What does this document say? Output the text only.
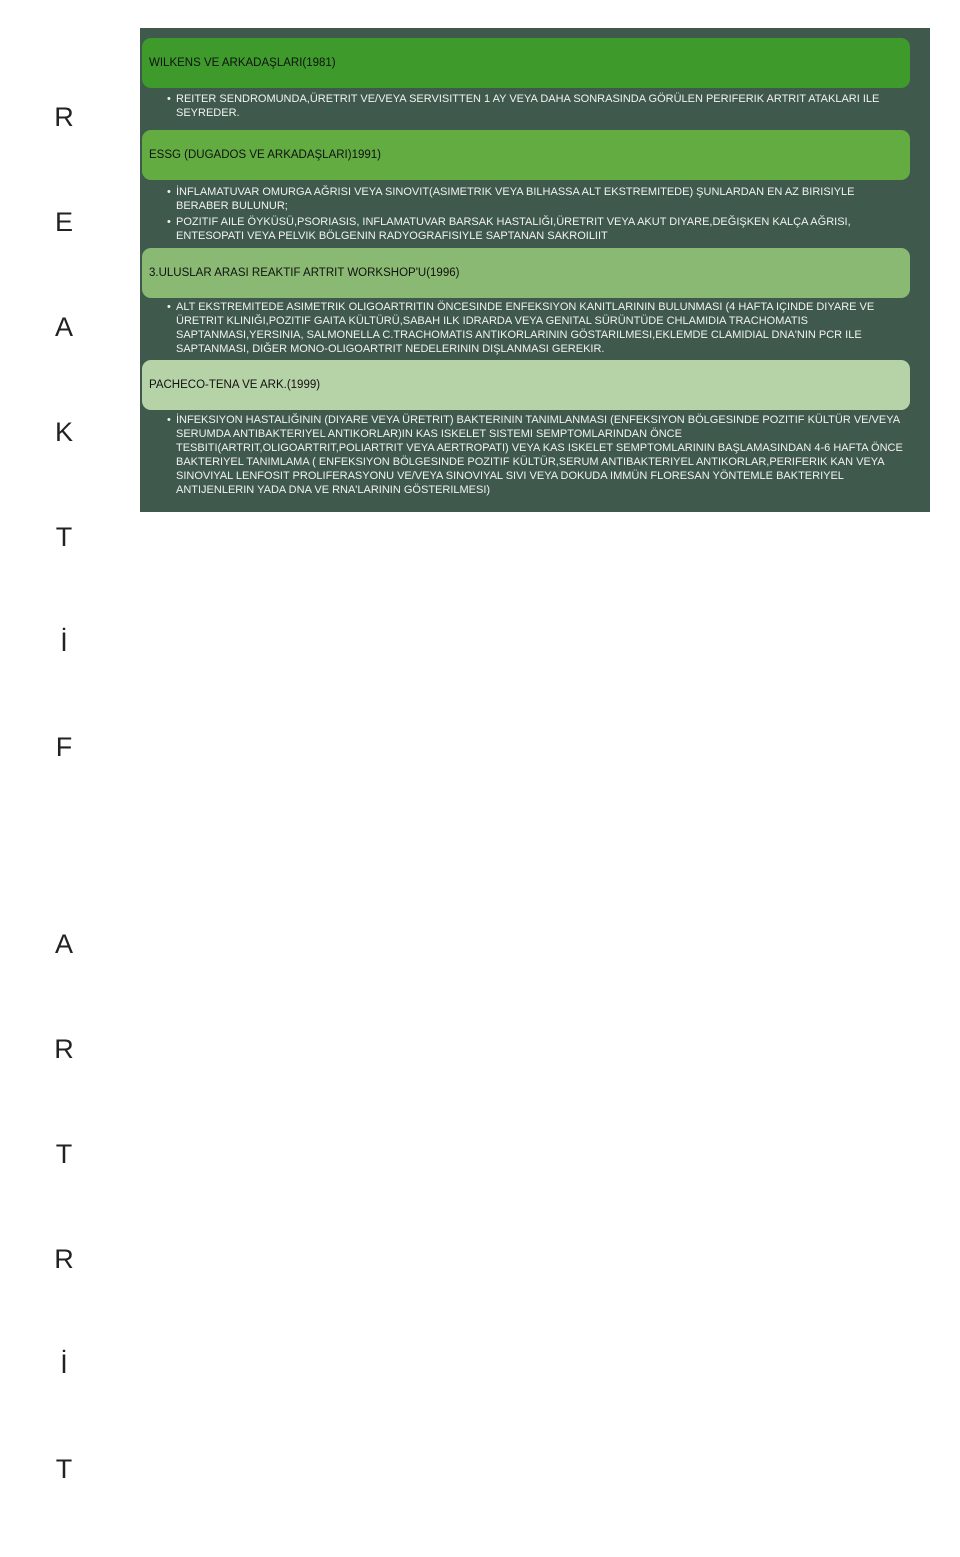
R

E

A

K

T

İ

F

A

R

T

R

İ

T

WILKENS VE ARKADAŞLARI(1981)
• REITER SENDROMUNDA,ÜRETRIT VE/VEYA SERVISITTEN 1 AY VEYA DAHA SONRASINDA GÖRÜLEN PERIFERIK ARTRIT ATAKLARI ILE SEYREDER.
ESSG (DUGADOS VE ARKADAŞLARI)1991)
• İNFLAMATUVAR OMURGA AĞRISI VEYA SINOVIT(ASIMETRIK VEYA BILHASSA ALT EKSTREMITEDE) ŞUNLARDAN EN AZ BIRISIYLE BERABER BULUNUR;
• POZITIF AILE ÖYKÜSÜ,PSORIASIS, INFLAMATUVAR BARSAK HASTALIĞI,ÜRETRIT VEYA AKUT DIYARE,DEĞIŞKEN KALÇA AĞRISI, ENTESOPATI VEYA PELVIK BÖLGENIN RADYOGRAFISIYLE SAPTANAN SAKROILIIT
3.ULUSLAR ARASI REAKTIF ARTRIT WORKSHOP'U(1996)
• ALT EKSTREMITEDE ASIMETRIK OLIGOARTRITIN ÖNCESINDE ENFEKSIYON KANITLARININ BULUNMASI (4 HAFTA IÇINDE DIYARE VE ÜRETRIT KLINIĞI,POZITIF GAITA KÜLTÜRÜ,SABAH ILK IDRARDA VEYA GENITAL SÜRÜNTÜDE CHLAMIDIA TRACHOMATIS SAPTANMASI,YERSINIA, SALMONELLA C.TRACHOMATIS ANTIKORLARININ GÖSTARILMESI,EKLEMDE CLAMIDIAL DNA'NIN PCR ILE SAPTANMASI, DIĞER MONO-OLIGOARTRIT NEDELERININ DIŞLANMASI GEREKIR.
PACHECO-TENA VE ARK.(1999)
• İNFEKSIYON HASTALIĞININ (DIYARE VEYA ÜRETRIT) BAKTERININ TANIMLANMASI (ENFEKSIYON BÖLGESINDE POZITIF KÜLTÜR VE/VEYA SERUMDA ANTIBAKTERIYEL ANTIKORLAR)IN KAS ISKELET SISTEMI SEMPTOMLARINDAN ÖNCE TESBITI(ARTRIT,OLIGOARTRIT,POLIARTRIT VEYA AERTROPATI) VEYA KAS ISKELET SEMPTOMLARININ BAŞLAMASINDAN 4-6 HAFTA ÖNCE BAKTERIYEL TANIMLAMA ( ENFEKSIYON BÖLGESINDE POZITIF KÜLTÜR,SERUM ANTIBAKTERIYEL ANTIKORLAR,PERIFERIK KAN VEYA SINOVIYAL LENFOSIT PROLIFERASYONU VE/VEYA SINOVIYAL SIVI VEYA DOKUDA IMMÜN FLORESAN YÖNTEMLE BAKTERIYEL ANTIJENLERIN YADA DNA VE RNA'LARININ GÖSTERILMESI)
